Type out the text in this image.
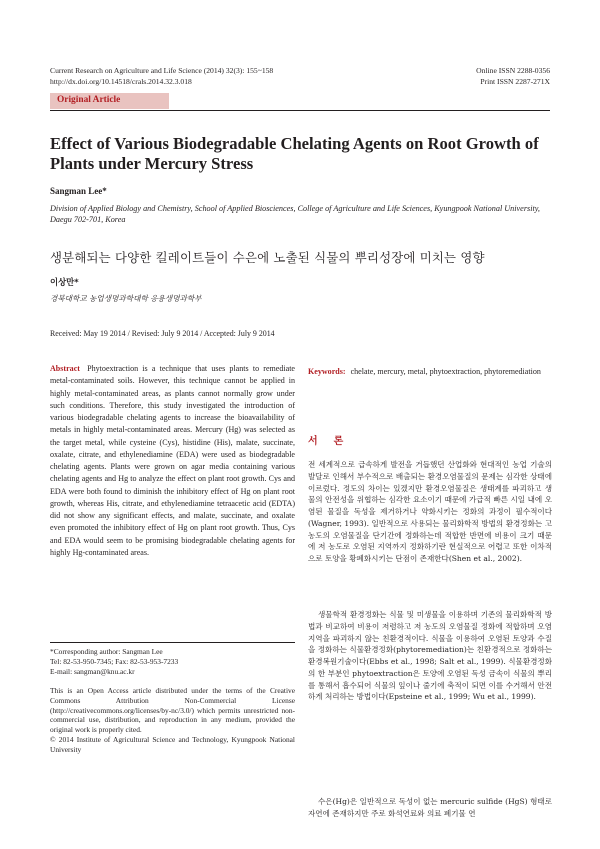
Current Research on Agriculture and Life Science (2014) 32(3): 155~158
http://dx.doi.org/10.14518/crals.2014.32.3.018
Online ISSN 2288-0356
Print ISSN 2287-271X
Original Article
Effect of Various Biodegradable Chelating Agents on Root Growth of Plants under Mercury Stress
Sangman Lee*
Division of Applied Biology and Chemistry, School of Applied Biosciences, College of Agriculture and Life Sciences, Kyungpook National University, Daegu 702-701, Korea
생분해되는 다양한 킬레이트들이 수은에 노출된 식물의 뿌리성장에 미치는 영향
이상만*
경북대학교 농업생명과학대학 응용생명과학부
Received: May 19 2014 / Revised: July 9 2014 / Accepted: July 9 2014
Abstract Phytoextraction is a technique that uses plants to remediate metal-contaminated soils. However, this technique cannot be applied in highly metal-contaminated areas, as plants cannot normally grow under such conditions. Therefore, this study investigated the introduction of various biodegradable chelating agents to increase the bioavailability of metals in highly metal-contaminated areas. Mercury (Hg) was selected as the target metal, while cysteine (Cys), histidine (His), malate, succinate, oxalate, citrate, and ethylenediamine (EDA) were used as biodegradable chelating agents. Plants were grown on agar media containing various chelating agents and Hg to analyze the effect on plant root growth. Cys and EDA were both found to diminish the inhibitory effect of Hg on plant root growth, whereas His, citrate, and ethylenediamine tetraacetic acid (EDTA) did not show any significant effects, and malate, succinate, and oxalate even promoted the inhibitory effect of Hg on plant root growth. Thus, Cys and EDA would seem to be promising biodegradable chelating agents for highly Hg-contaminated areas.
*Corresponding author: Sangman Lee
Tel: 82-53-950-7345; Fax: 82-53-953-7233
E-mail: sangman@knu.ac.kr
This is an Open Access article distributed under the terms of the Creative Commons Attribution Non-Commercial License (http://creativecommons.org/licenses/by-nc/3.0/) which permits unrestricted non-commercial use, distribution, and reproduction in any medium, provided the original work is properly cited.
© 2014 Institute of Agricultural Science and Technology, Kyungpook National University
Keywords: chelate, mercury, metal, phytoextraction, phytoremediation
서론

전 세계적으로 급속하게 발전을 거듭했던 산업화와 현대적인 농업 기술의 발달로 인해서 부수적으로 배출되는 환경오염물질의 문제는 심각한 상태에 이르렀다. 정도의 차이는 있겠지만 환경오염물질은 생태계를 파괴하고 생물의 안전성을 위협하는 심각한 요소이기 때문에 가급적 빠른 시일 내에 오염된 물질을 독성을 제거하거나 약화시키는 정화의 과정이 필수적이다(Wagner, 1993). 일반적으로 사용되는 물리화학적 방법의 환경정화는 고농도의 오염물질을 단기간에 정화하는데 적합한 반면에 비용이 크기 때문에 저 농도로 오염된 지역까지 정화하기란 현실적으로 어렵고 또한 이차적으로 토양을 황폐화시키는 단점이 존재한다(Shen et al., 2002).

생물학적 환경정화는 식물 및 미생물을 이용하며 기존의 물리화학적 방법과 비교하여 비용이 저렴하고 저 농도의 오염물질 정화에 적합하며 오염지역을 파괴하지 않는 친환경적이다. 식물을 이용하여 오염된 토양과 수질을 정화하는 식물환경정화(phytoremediation)는 친환경적으로 정화하는 환경복원기술이다(Ebbs et al., 1998; Salt et al., 1999). 식물환경정화의 한 부분인 phytoextraction은 토양에 오염된 독성 금속이 식물의 뿌리를 통해서 흡수되어 식물의 잎이나 줄기에 축적이 되면 이를 수거해서 안전하게 처리하는 방법이다(Epsteine et al., 1999; Wu et al., 1999).

수은(Hg)은 일반적으로 독성이 없는 mercuric sulfide (HgS) 형태로 자연에 존재하지만 주로 화석연료와 의료 폐기물 연
